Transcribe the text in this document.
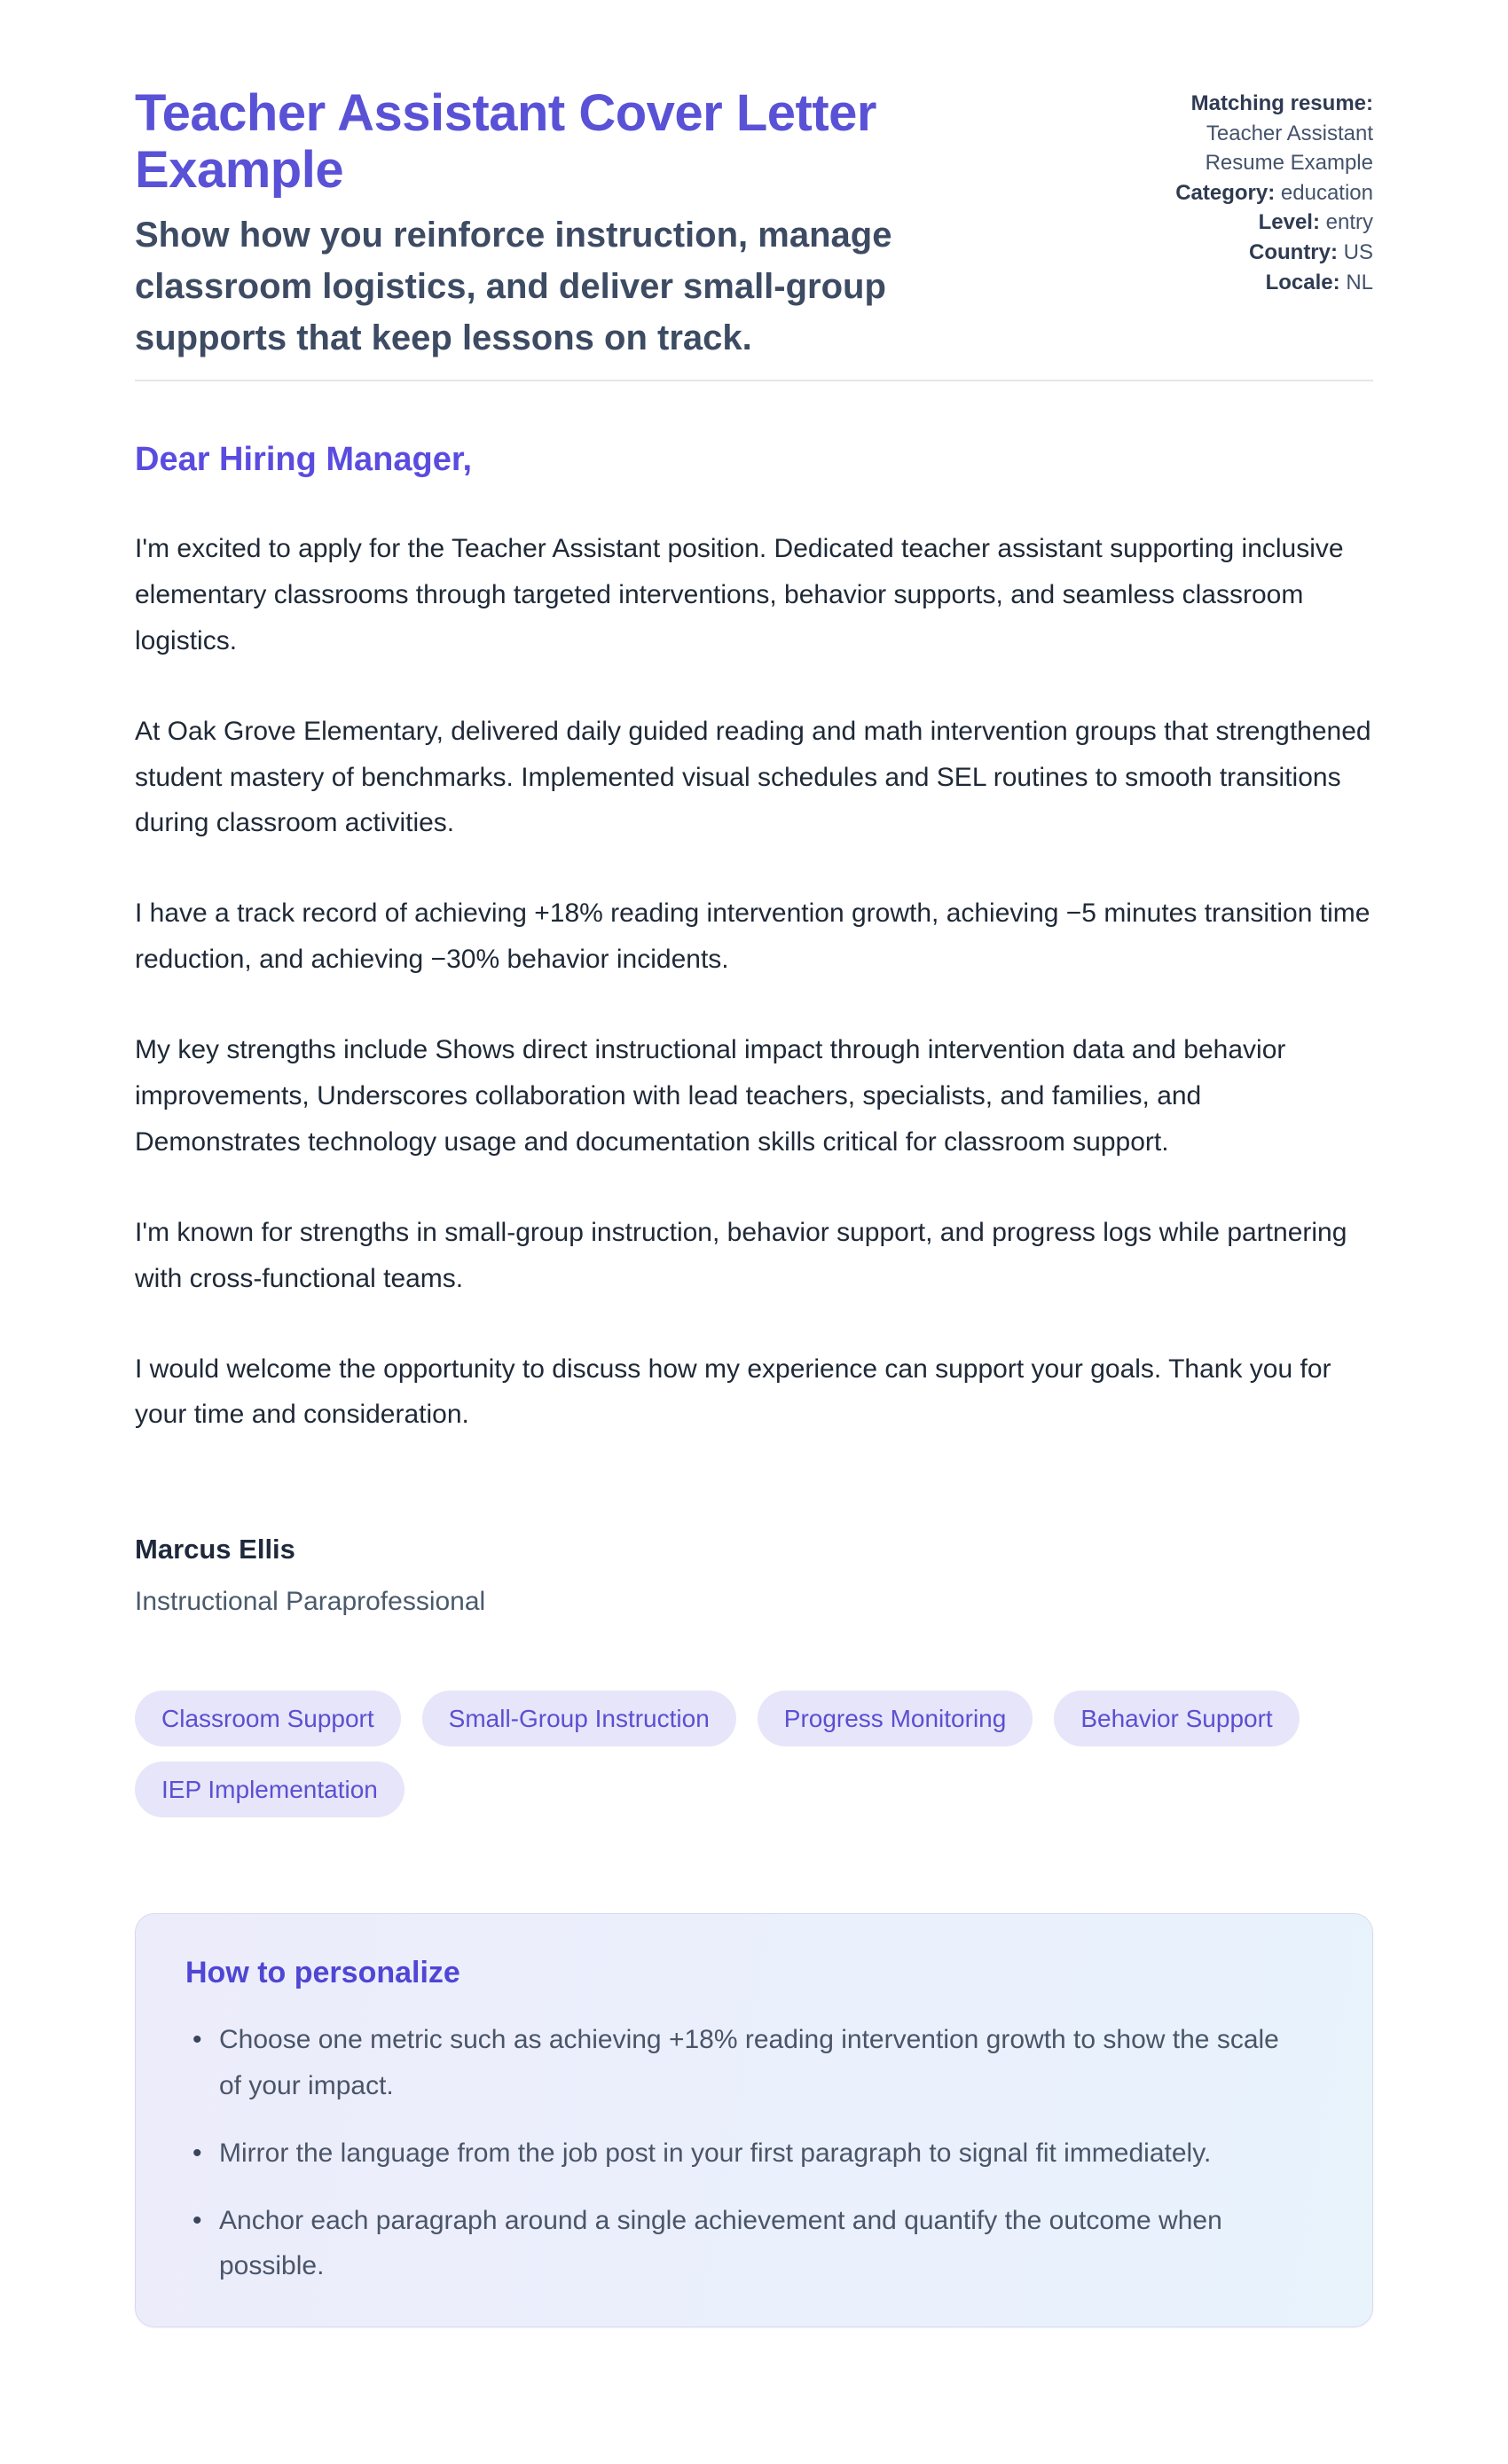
Teacher Assistant Cover Letter Example

Show how you reinforce instruction, manage classroom logistics, and deliver small-group supports that keep lessons on track.

Matching resume: Teacher Assistant Resume Example
Category: education
Level: entry
Country: US
Locale: NL

Dear Hiring Manager,

I'm excited to apply for the Teacher Assistant position. Dedicated teacher assistant supporting inclusive elementary classrooms through targeted interventions, behavior supports, and seamless classroom logistics.

At Oak Grove Elementary, delivered daily guided reading and math intervention groups that strengthened student mastery of benchmarks. Implemented visual schedules and SEL routines to smooth transitions during classroom activities.

I have a track record of achieving +18% reading intervention growth, achieving −5 minutes transition time reduction, and achieving −30% behavior incidents.

My key strengths include Shows direct instructional impact through intervention data and behavior improvements, Underscores collaboration with lead teachers, specialists, and families, and Demonstrates technology usage and documentation skills critical for classroom support.

I'm known for strengths in small-group instruction, behavior support, and progress logs while partnering with cross-functional teams.

I would welcome the opportunity to discuss how my experience can support your goals. Thank you for your time and consideration.

Marcus Ellis

Instructional Paraprofessional

Classroom Support	Small-Group Instruction	Progress Monitoring	Behavior Support
IEP Implementation
How to personalize
• Choose one metric such as achieving +18% reading intervention growth to show the scale of your impact.
• Mirror the language from the job post in your first paragraph to signal fit immediately.
• Anchor each paragraph around a single achievement and quantify the outcome when possible.
